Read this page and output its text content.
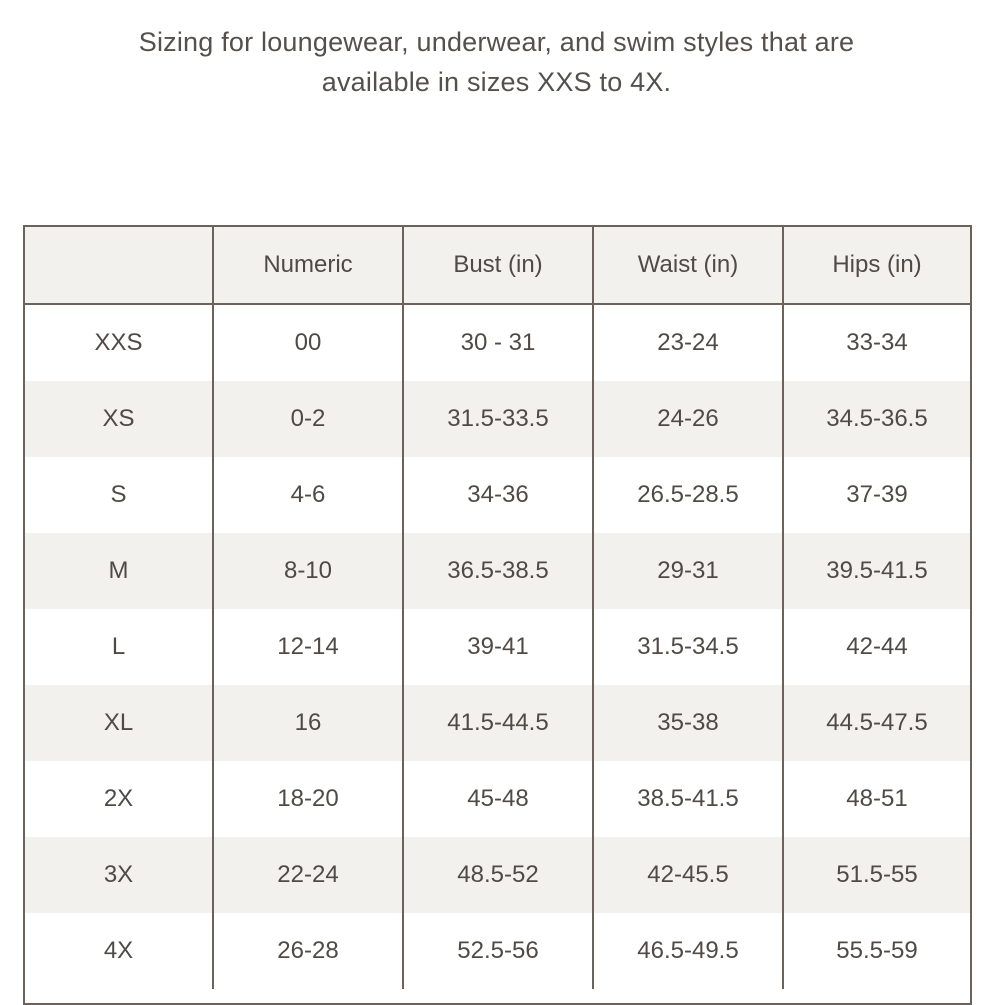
Sizing for loungewear, underwear, and swim styles that are
available in sizes XXS to 4X.
	Numeric	Bust (in)	Waist (in)	Hips (in)
XXS	00	30 - 31	23-24	33-34
XS	0-2	31.5-33.5	24-26	34.5-36.5
S	4-6	34-36	26.5-28.5	37-39
M	8-10	36.5-38.5	29-31	39.5-41.5
L	12-14	39-41	31.5-34.5	42-44
XL	16	41.5-44.5	35-38	44.5-47.5
2X	18-20	45-48	38.5-41.5	48-51
3X	22-24	48.5-52	42-45.5	51.5-55
4X	26-28	52.5-56	46.5-49.5	55.5-59
